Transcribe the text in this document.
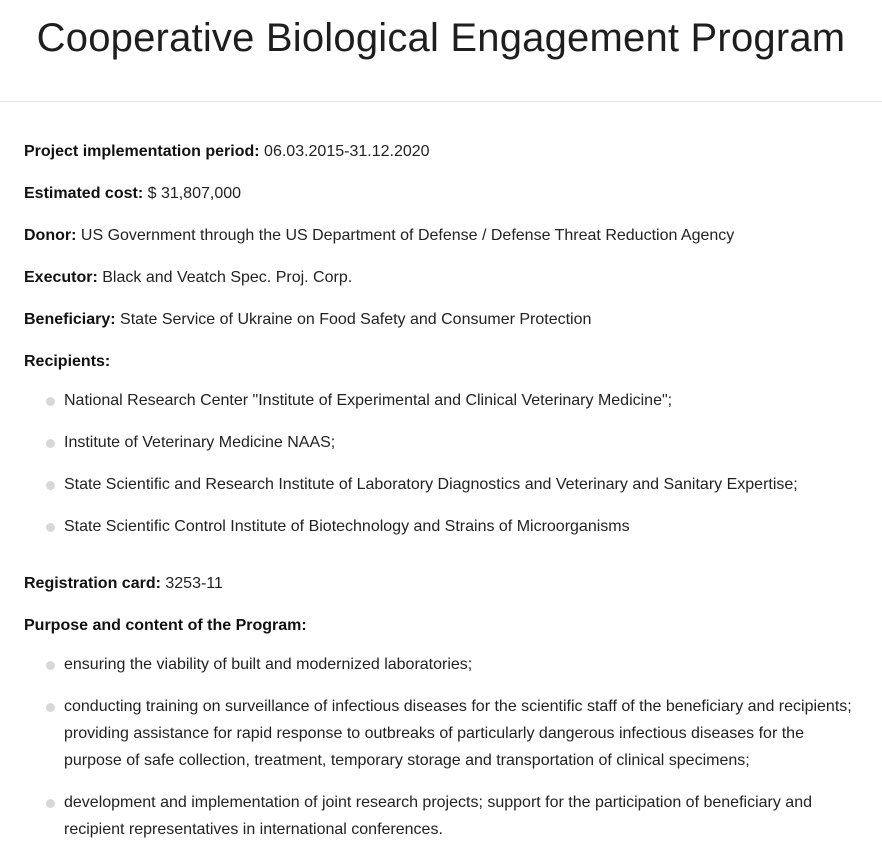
Cooperative Biological Engagement Program

Project implementation period: 06.03.2015-31.12.2020

Estimated cost: $ 31,807,000

Donor: US Government through the US Department of Defense / Defense Threat Reduction Agency

Executor: Black and Veatch Spec. Proj. Corp.

Beneficiary: State Service of Ukraine on Food Safety and Consumer Protection

Recipients:

National Research Center "Institute of Experimental and Clinical Veterinary Medicine";
Institute of Veterinary Medicine NAAS;
State Scientific and Research Institute of Laboratory Diagnostics and Veterinary and Sanitary Expertise;
State Scientific Control Institute of Biotechnology and Strains of Microorganisms

Registration card: 3253-11

Purpose and content of the Program:

ensuring the viability of built and modernized laboratories;
conducting training on surveillance of infectious diseases for the scientific staff of the beneficiary and recipients; providing assistance for rapid response to outbreaks of particularly dangerous infectious diseases for the purpose of safe collection, treatment, temporary storage and transportation of clinical specimens;
development and implementation of joint research projects; support for the participation of beneficiary and recipient representatives in international conferences.
